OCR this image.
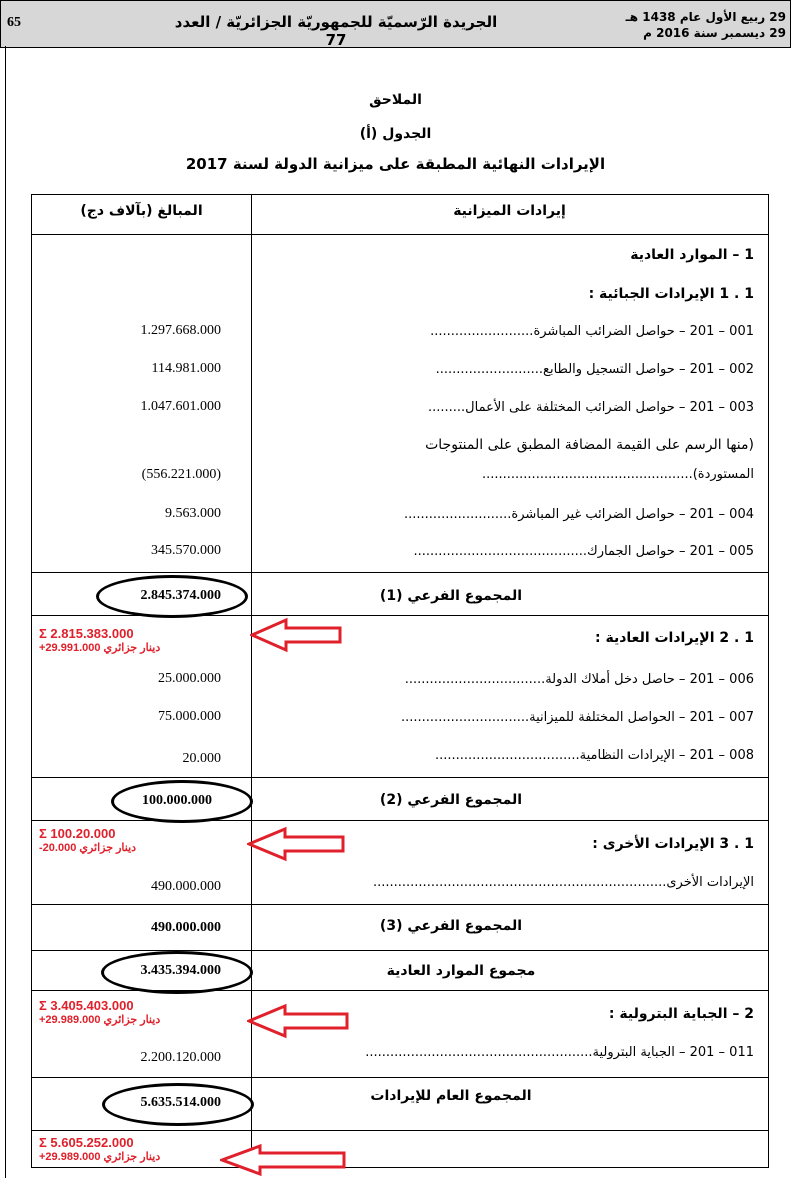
65	الجريدة الرّسميّة للجمهوريّة الجزائريّة / العدد 77
29 ربيع الأول عام 1438 هـ
29 ديسمبر سنة 2016 م
الملاحق
الجدول (أ)
الإيرادات النهائية المطبقة على ميزانية الدولة لسنة 2017
إيرادات الميزانية
المبالغ (بآلاف دج)
1 – الموارد العادية
1 . 1 الإيرادات الجبائية :
001 – 201 – حواصل الضرائب المباشرة.........................
1.297.668.000
002 – 201 – حواصل التسجيل والطابع..........................
114.981.000
003 – 201 – حواصل الضرائب المختلفة على الأعمال.........
1.047.601.000
(منها الرسم على القيمة المضافة المطبق على المنتوجات
المستوردة)...................................................
(556.221.000)
004 – 201 – حواصل الضرائب غير المباشرة..........................
9.563.000
005 – 201 – حواصل الجمارك..........................................
345.570.000
المجموع الفرعي (1)
2.845.374.000
1 . 2 الإيرادات العادية :
006 – 201 – حاصل دخل أملاك الدولة..................................
25.000.000
007 – 201 – الحواصل المختلفة للميزانية...............................
75.000.000
008 – 201 – الإيرادات النظامية...................................
20.000
المجموع الفرعي (2)
100.000.000
1 . 3 الإيرادات الأخرى :
الإيرادات الأخرى.......................................................................
490.000.000
المجموع الفرعي (3)
490.000.000
مجموع الموارد العادية
3.435.394.000
2 – الجباية البترولية :
011 – 201 – الجباية البترولية.......................................................
2.200.120.000
المجموع العام للإيرادات
5.635.514.000
Σ 2.815.383.000
+29.991.000 دينار جزائري
Σ 100.20.000
-20.000 دينار جزائري
Σ 3.405.403.000
+29.989.000 دينار جزائري
Σ 5.605.252.000
+29.989.000 دينار جزائري
